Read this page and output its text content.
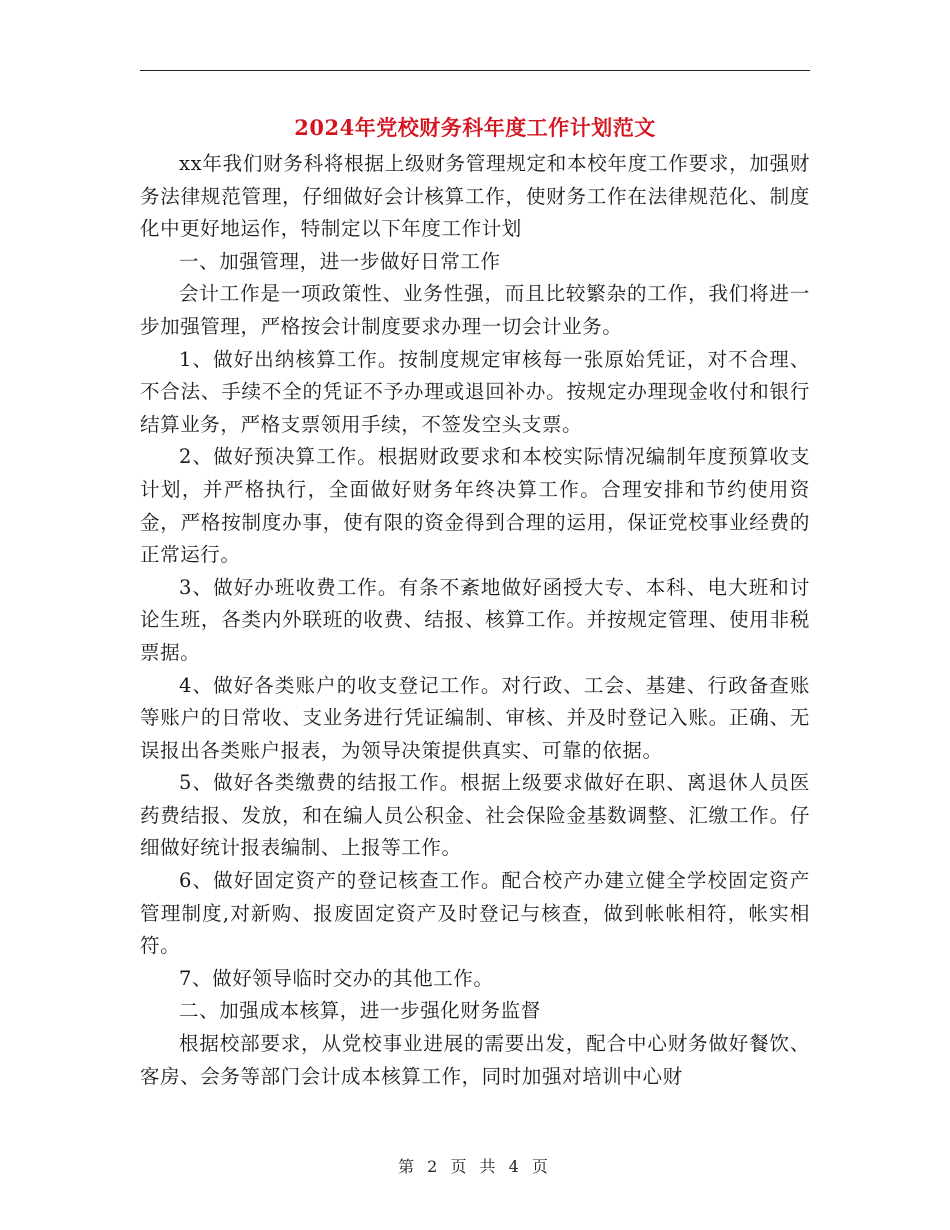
2024年党校财务科年度工作计划范文

xx年我们财务科将根据上级财务管理规定和本校年度工作要求，加强财务法律规范管理，仔细做好会计核算工作，使财务工作在法律规范化、制度化中更好地运作，特制定以下年度工作计划

一、加强管理，进一步做好日常工作

会计工作是一项政策性、业务性强，而且比较繁杂的工作，我们将进一步加强管理，严格按会计制度要求办理一切会计业务。

1、做好出纳核算工作。按制度规定审核每一张原始凭证，对不合理、不合法、手续不全的凭证不予办理或退回补办。按规定办理现金收付和银行结算业务，严格支票领用手续，不签发空头支票。

2、做好预决算工作。根据财政要求和本校实际情况编制年度预算收支计划，并严格执行，全面做好财务年终决算工作。合理安排和节约使用资金，严格按制度办事，使有限的资金得到合理的运用，保证党校事业经费的正常运行。

3、做好办班收费工作。有条不紊地做好函授大专、本科、电大班和讨论生班，各类内外联班的收费、结报、核算工作。并按规定管理、使用非税票据。

4、做好各类账户的收支登记工作。对行政、工会、基建、行政备查账等账户的日常收、支业务进行凭证编制、审核、并及时登记入账。正确、无误报出各类账户报表，为领导决策提供真实、可靠的依据。

5、做好各类缴费的结报工作。根据上级要求做好在职、离退休人员医药费结报、发放，和在编人员公积金、社会保险金基数调整、汇缴工作。仔细做好统计报表编制、上报等工作。

6、做好固定资产的登记核查工作。配合校产办建立健全学校固定资产管理制度,对新购、报废固定资产及时登记与核查，做到帐帐相符，帐实相符。

7、做好领导临时交办的其他工作。

二、加强成本核算，进一步强化财务监督

根据校部要求，从党校事业进展的需要出发，配合中心财务做好餐饮、客房、会务等部门会计成本核算工作，同时加强对培训中心财

第 2 页 共 4 页
